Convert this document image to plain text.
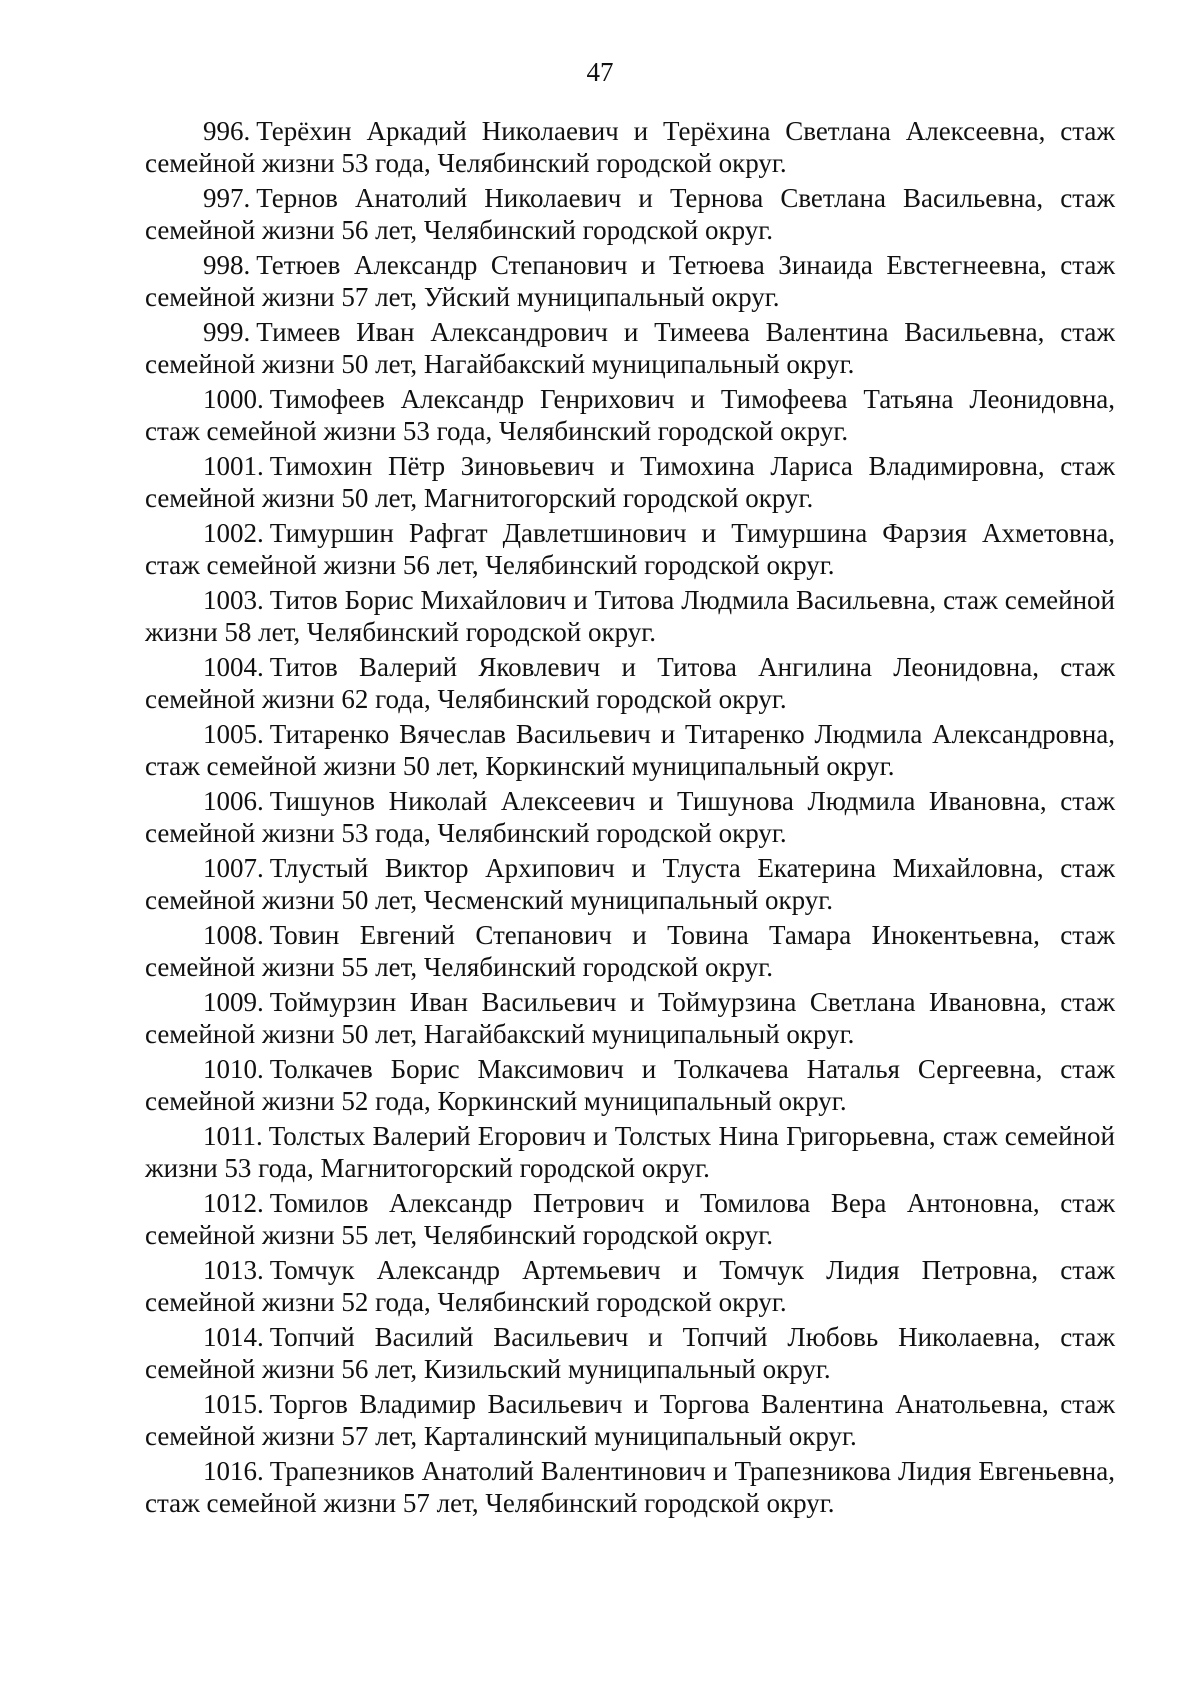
47
996. Терёхин Аркадий Николаевич и Терёхина Светлана Алексеевна, стаж семейной жизни 53 года, Челябинский городской округ.
997. Тернов Анатолий Николаевич и Тернова Светлана Васильевна, стаж семейной жизни 56 лет, Челябинский городской округ.
998. Тетюев Александр Степанович и Тетюева Зинаида Евстегнеевна, стаж семейной жизни 57 лет, Уйский муниципальный округ.
999. Тимеев Иван Александрович и Тимеева Валентина Васильевна, стаж семейной жизни 50 лет, Нагайбакский муниципальный округ.
1000. Тимофеев Александр Генрихович и Тимофеева Татьяна Леонидовна, стаж семейной жизни 53 года, Челябинский городской округ.
1001. Тимохин Пётр Зиновьевич и Тимохина Лариса Владимировна, стаж семейной жизни 50 лет, Магнитогорский городской округ.
1002. Тимуршин Рафгат Давлетшинович и Тимуршина Фарзия Ахметовна, стаж семейной жизни 56 лет, Челябинский городской округ.
1003. Титов Борис Михайлович и Титова Людмила Васильевна, стаж семейной жизни 58 лет, Челябинский городской округ.
1004. Титов Валерий Яковлевич и Титова Ангилина Леонидовна, стаж семейной жизни 62 года, Челябинский городской округ.
1005. Титаренко Вячеслав Васильевич и Титаренко Людмила Александровна, стаж семейной жизни 50 лет, Коркинский муниципальный округ.
1006. Тишунов Николай Алексеевич и Тишунова Людмила Ивановна, стаж семейной жизни 53 года, Челябинский городской округ.
1007. Тлустый Виктор Архипович и Тлуста Екатерина Михайловна, стаж семейной жизни 50 лет, Чесменский муниципальный округ.
1008. Товин Евгений Степанович и Товина Тамара Инокентьевна, стаж семейной жизни 55 лет, Челябинский городской округ.
1009. Тоймурзин Иван Васильевич и Тоймурзина Светлана Ивановна, стаж семейной жизни 50 лет, Нагайбакский муниципальный округ.
1010. Толкачев Борис Максимович и Толкачева Наталья Сергеевна, стаж семейной жизни 52 года, Коркинский муниципальный округ.
1011. Толстых Валерий Егорович и Толстых Нина Григорьевна, стаж семейной жизни 53 года, Магнитогорский городской округ.
1012. Томилов Александр Петрович и Томилова Вера Антоновна, стаж семейной жизни 55 лет, Челябинский городской округ.
1013. Томчук Александр Артемьевич и Томчук Лидия Петровна, стаж семейной жизни 52 года, Челябинский городской округ.
1014. Топчий Василий Васильевич и Топчий Любовь Николаевна, стаж семейной жизни 56 лет, Кизильский муниципальный округ.
1015. Торгов Владимир Васильевич и Торгова Валентина Анатольевна, стаж семейной жизни 57 лет, Карталинский муниципальный округ.
1016. Трапезников Анатолий Валентинович и Трапезникова Лидия Евгеньевна, стаж семейной жизни 57 лет, Челябинский городской округ.
